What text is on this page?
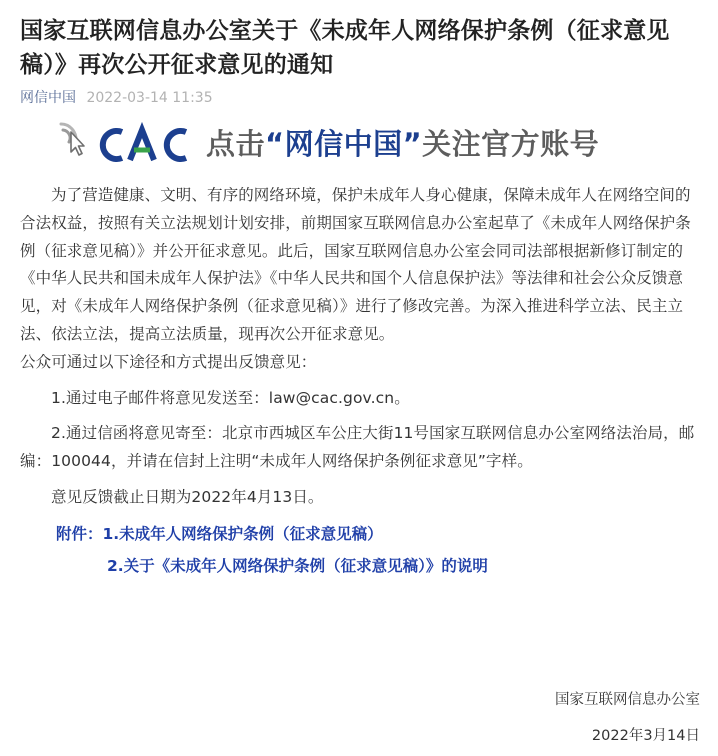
国家互联网信息办公室关于《未成年人网络保护条例（征求意见稿）》再次公开征求意见的通知
网信中国 2022-03-14 11:35
CAC
点击“网信中国”关注官方账号

为了营造健康、文明、有序的网络环境，保护未成年人身心健康，保障未成年人在网络空间的合法权益，按照有关立法规划计划安排，前期国家互联网信息办公室起草了《未成年人网络保护条例（征求意见稿）》并公开征求意见。此后，国家互联网信息办公室会同司法部根据新修订制定的《中华人民共和国未成年人保护法》《中华人民共和国个人信息保护法》等法律和社会公众反馈意见，对《未成年人网络保护条例（征求意见稿）》进行了修改完善。为深入推进科学立法、民主立法、依法立法，提高立法质量，现再次公开征求意见。

公众可通过以下途径和方式提出反馈意见：

1.通过电子邮件将意见发送至：law@cac.gov.cn。

2.通过信函将意见寄至：北京市西城区车公庄大街11号国家互联网信息办公室网络法治局，邮编：100044，并请在信封上注明“未成年人网络保护条例征求意见”字样。

意见反馈截止日期为2022年4月13日。

附件：1.未成年人网络保护条例（征求意见稿）

2.关于《未成年人网络保护条例（征求意见稿）》的说明

国家互联网信息办公室
2022年3月14日
